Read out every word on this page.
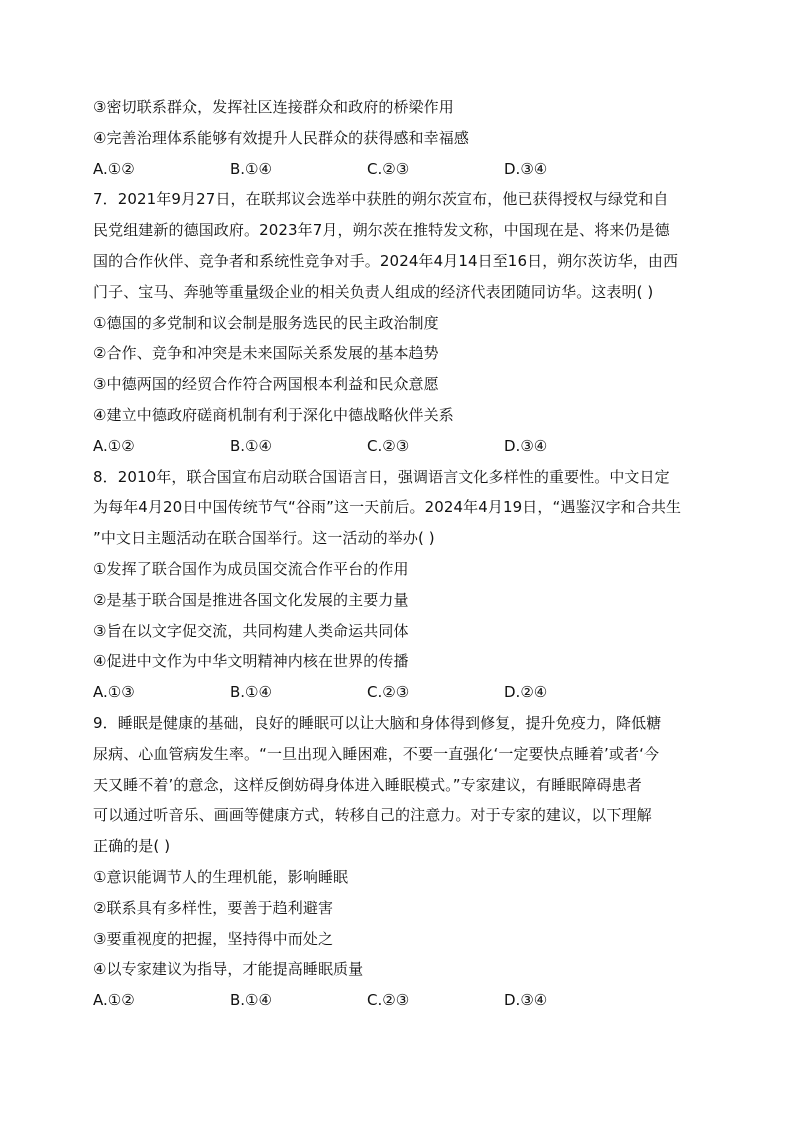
③密切联系群众，发挥社区连接群众和政府的桥梁作用
④完善治理体系能够有效提升人民群众的获得感和幸福感
A.①②	B.①④	C.②③	D.③④
7．2021年9月27日，在联邦议会选举中获胜的朔尔茨宣布，他已获得授权与绿党和自
民党组建新的德国政府。2023年7月，朔尔茨在推特发文称，中国现在是、将来仍是德
国的合作伙伴、竞争者和系统性竞争对手。2024年4月14日至16日，朔尔茨访华，由西
门子、宝马、奔驰等重量级企业的相关负责人组成的经济代表团随同访华。这表明( )
①德国的多党制和议会制是服务选民的民主政治制度
②合作、竞争和冲突是未来国际关系发展的基本趋势
③中德两国的经贸合作符合两国根本利益和民众意愿
④建立中德政府磋商机制有利于深化中德战略伙伴关系
A.①②	B.①④	C.②③	D.③④
8．2010年，联合国宣布启动联合国语言日，强调语言文化多样性的重要性。中文日定
为每年4月20日中国传统节气“谷雨”这一天前后。2024年4月19日，“遇鉴汉字和合共生
”中文日主题活动在联合国举行。这一活动的举办( )
①发挥了联合国作为成员国交流合作平台的作用
②是基于联合国是推进各国文化发展的主要力量
③旨在以文字促交流，共同构建人类命运共同体
④促进中文作为中华文明精神内核在世界的传播
A.①③	B.①④	C.②③	D.②④
9．睡眠是健康的基础，良好的睡眠可以让大脑和身体得到修复，提升免疫力，降低糖
尿病、心血管病发生率。“一旦出现入睡困难，不要一直强化‘一定要快点睡着’或者‘今
天又睡不着’的意念，这样反倒妨碍身体进入睡眠模式。”专家建议，有睡眠障碍患者
可以通过听音乐、画画等健康方式，转移自己的注意力。对于专家的建议，以下理解
正确的是( )
①意识能调节人的生理机能，影响睡眠
②联系具有多样性，要善于趋利避害
③要重视度的把握，坚持得中而处之
④以专家建议为指导，才能提高睡眠质量
A.①②	B.①④	C.②③	D.③④
